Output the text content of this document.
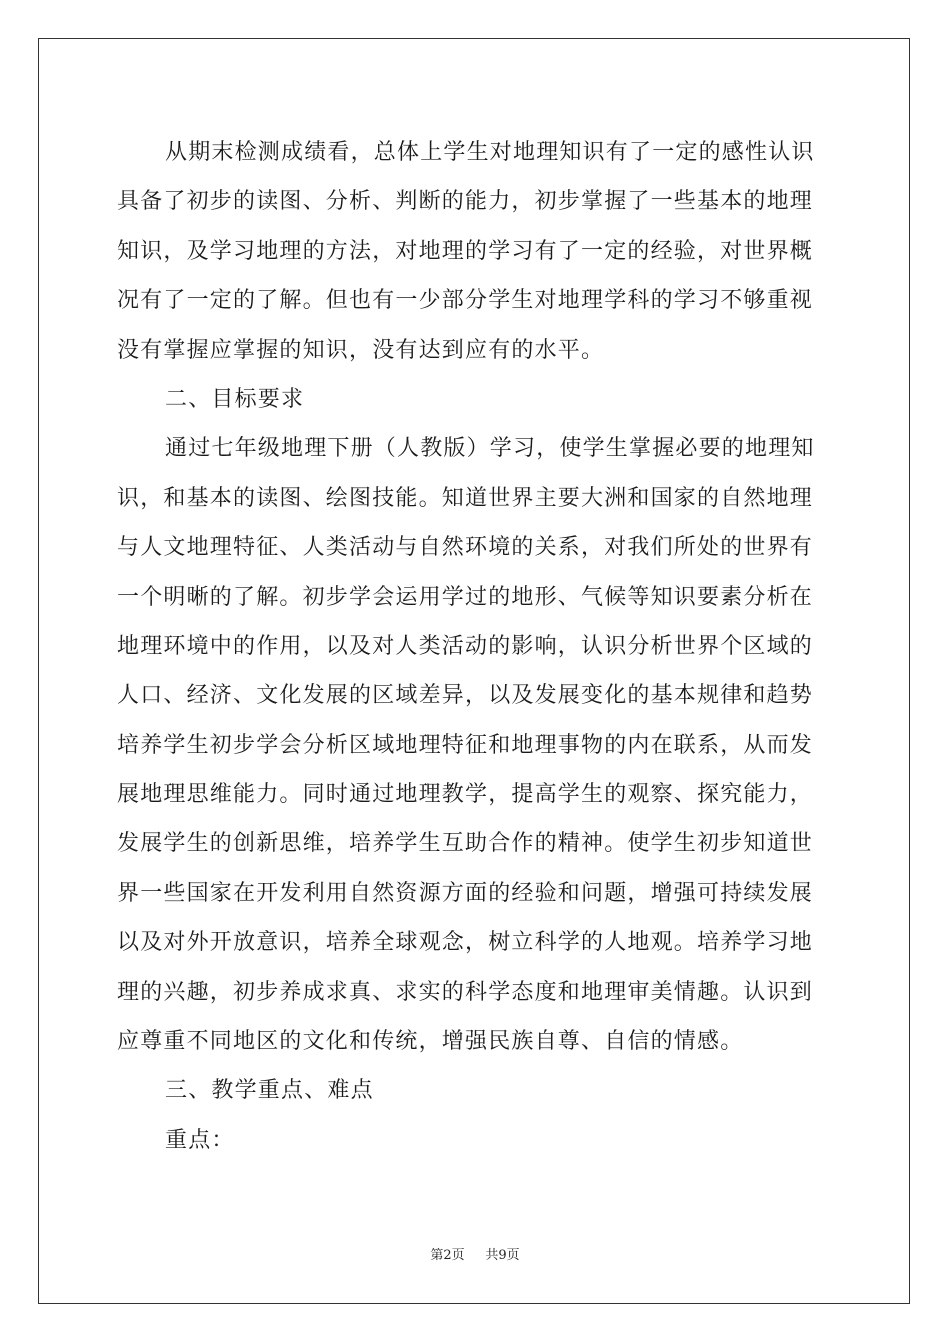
从期末检测成绩看，总体上学生对地理知识有了一定的感性认识
具备了初步的读图、分析、判断的能力，初步掌握了一些基本的地理
知识，及学习地理的方法，对地理的学习有了一定的经验，对世界概
况有了一定的了解。但也有一少部分学生对地理学科的学习不够重视
没有掌握应掌握的知识，没有达到应有的水平。
二、目标要求
通过七年级地理下册（人教版）学习，使学生掌握必要的地理知
识，和基本的读图、绘图技能。知道世界主要大洲和国家的自然地理
与人文地理特征、人类活动与自然环境的关系，对我们所处的世界有
一个明晰的了解。初步学会运用学过的地形、气候等知识要素分析在
地理环境中的作用，以及对人类活动的影响，认识分析世界个区域的
人口、经济、文化发展的区域差异，以及发展变化的基本规律和趋势
培养学生初步学会分析区域地理特征和地理事物的内在联系，从而发
展地理思维能力。同时通过地理教学，提高学生的观察、探究能力，
发展学生的创新思维，培养学生互助合作的精神。使学生初步知道世
界一些国家在开发利用自然资源方面的经验和问题，增强可持续发展
以及对外开放意识，培养全球观念，树立科学的人地观。培养学习地
理的兴趣，初步养成求真、求实的科学态度和地理审美情趣。认识到
应尊重不同地区的文化和传统，增强民族自尊、自信的情感。
三、教学重点、难点
重点：
第2页 共9页
